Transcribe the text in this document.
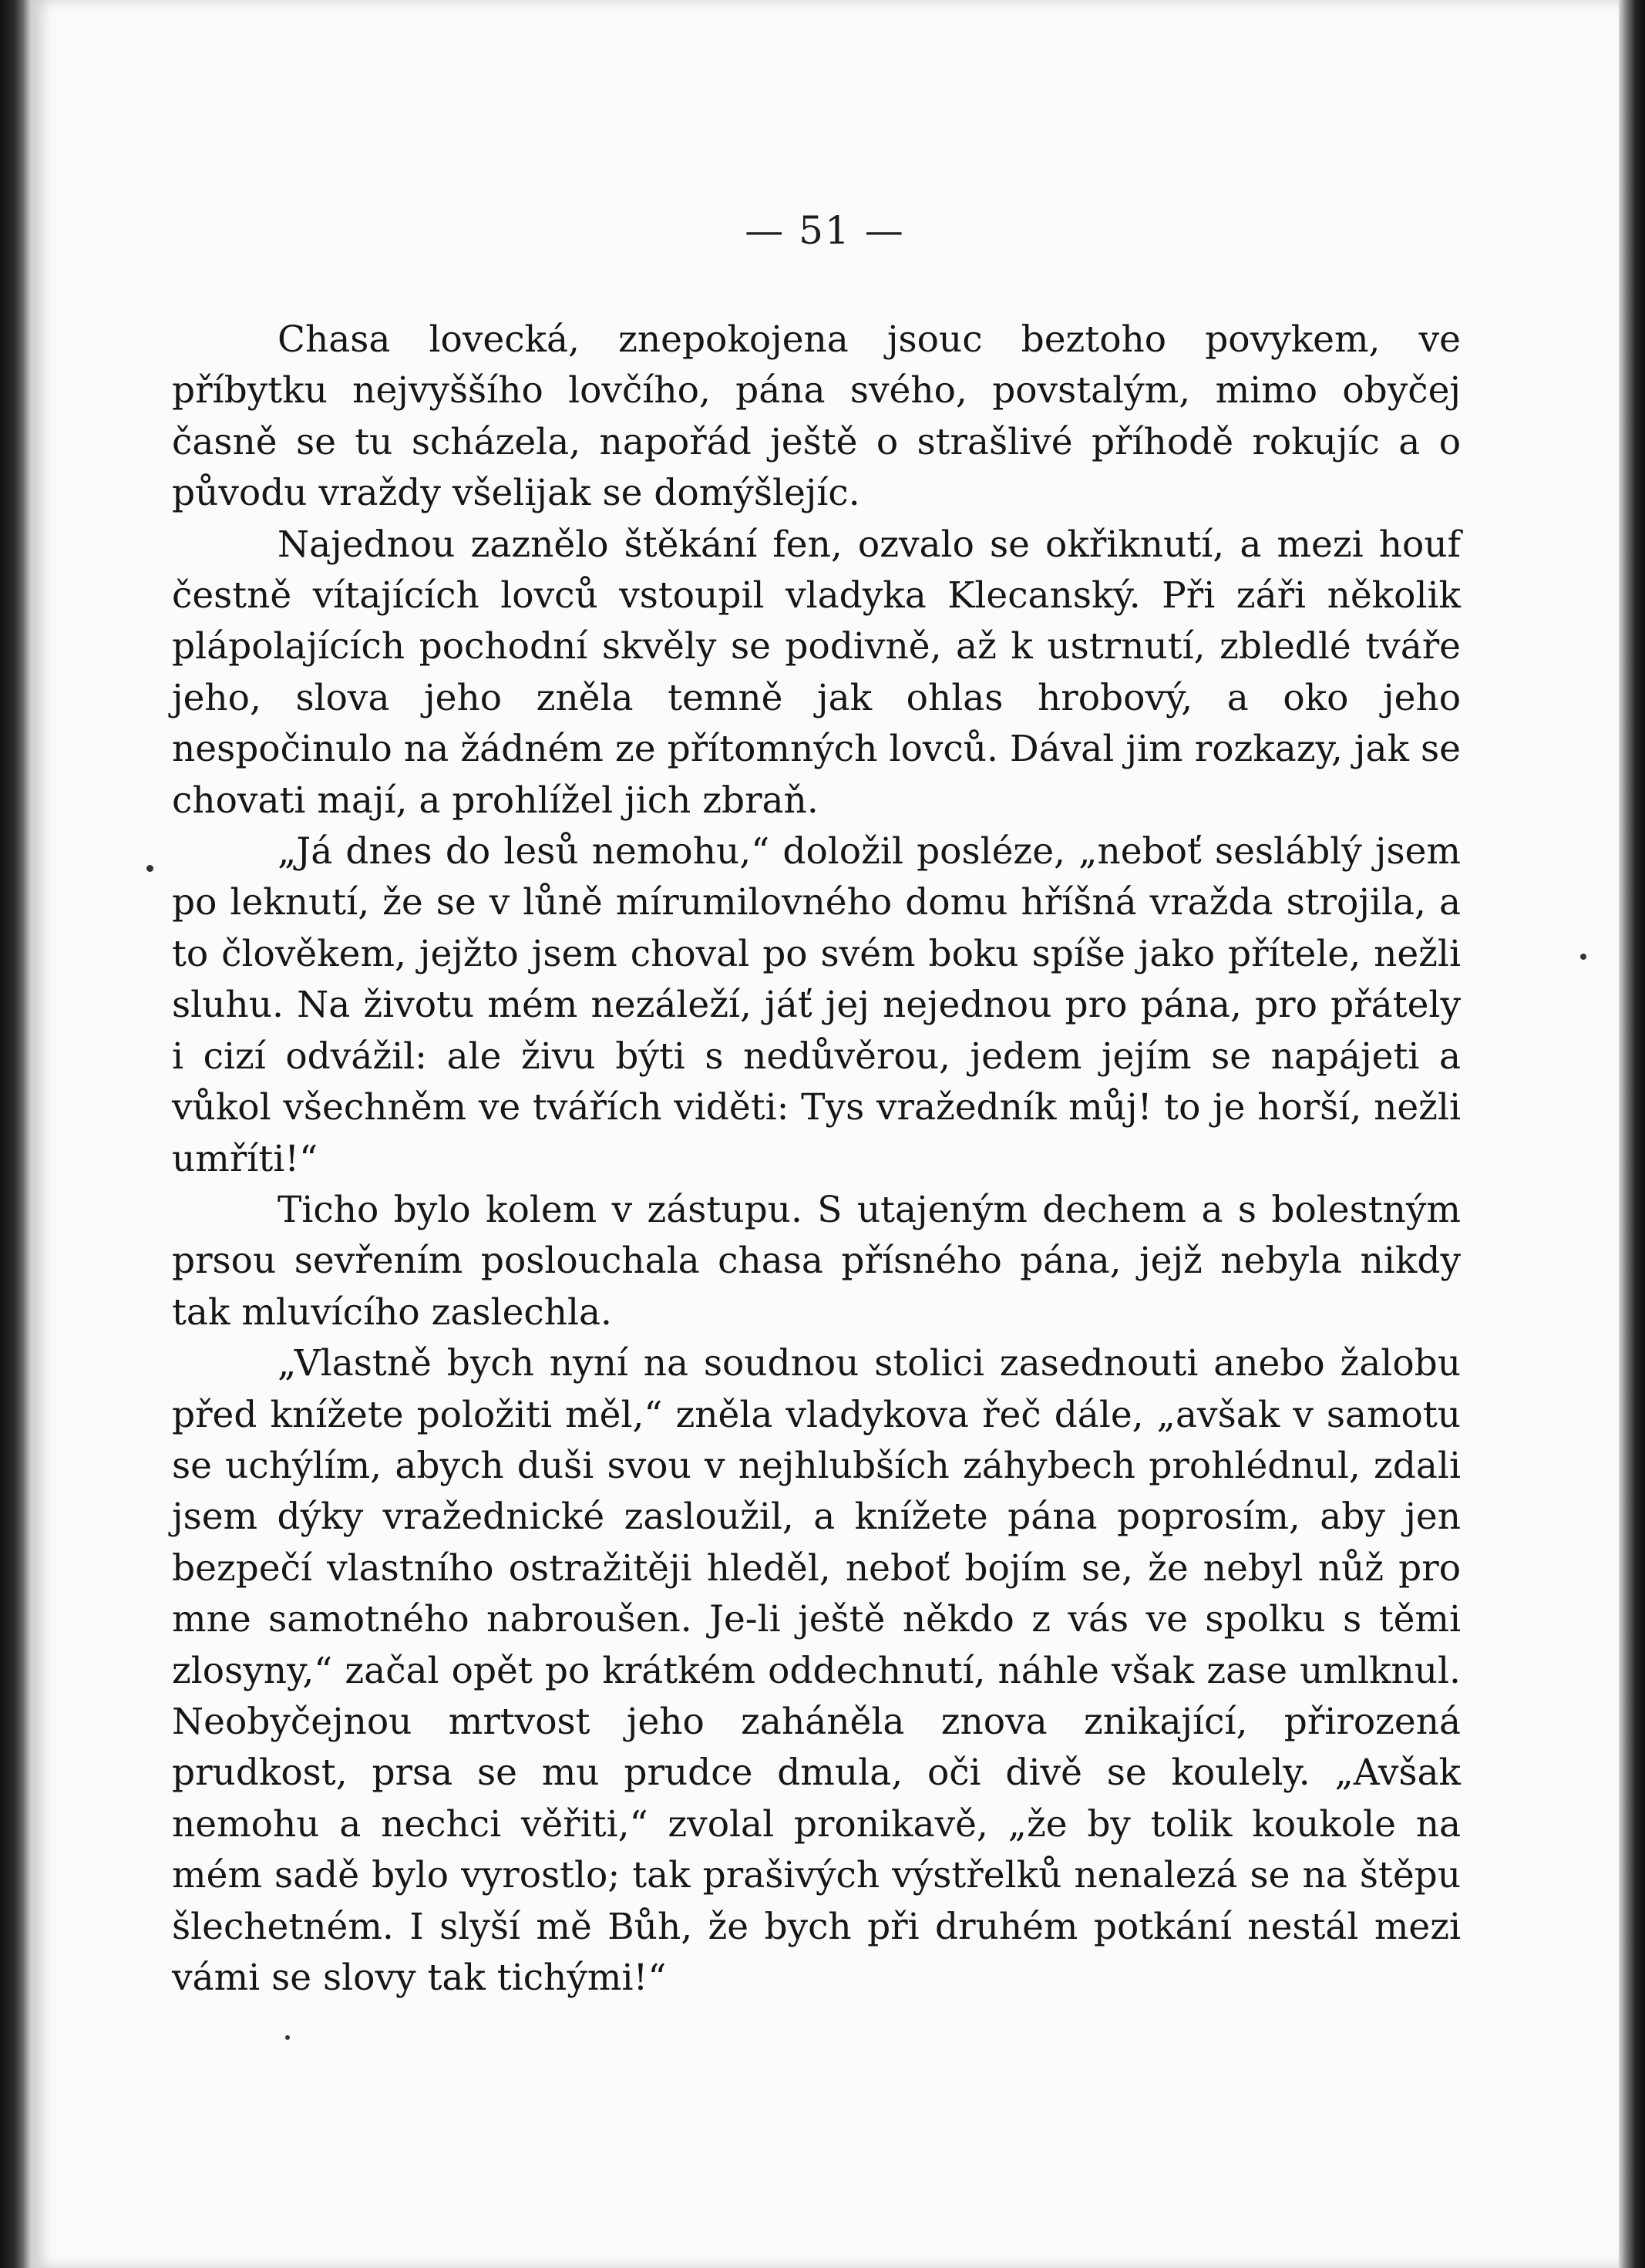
— 51 —

Chasa lovecká, znepokojena jsouc beztoho povykem, ve příbytku nejvyššího lovčího, pána svého, povstalým, mimo obyčej časně se tu scházela, napořád ještě o strašlivé příhodě rokujíc a o původu vraždy všelijak se domýšlejíc.

Najednou zaznělo štěkání fen, ozvalo se okřiknutí, a mezi houf čestně vítajících lovců vstoupil vladyka Klecanský. Při záři několik plápolajících pochodní skvěly se podivně, až k ustrnutí, zbledlé tváře jeho, slova jeho zněla temně jak ohlas hrobový, a oko jeho nespočinulo na žádném ze přítomných lovců. Dával jim rozkazy, jak se chovati mají, a prohlížel jich zbraň.

„Já dnes do lesů nemohu,“ doložil posléze, „neboť sesláblý jsem po leknutí, že se v lůně mírumilovného domu hříšná vražda strojila, a to člověkem, jejžto jsem choval po svém boku spíše jako přítele, nežli sluhu. Na životu mém nezáleží, jáť jej nejednou pro pána, pro přátely i cizí odvážil: ale živu býti s nedůvěrou, jedem jejím se napájeti a vůkol všechněm ve tvářích viděti: Tys vražedník můj! to je horší, nežli umříti!“

Ticho bylo kolem v zástupu. S utajeným dechem a s bolestným prsou sevřením poslouchala chasa přísného pána, jejž nebyla nikdy tak mluvícího zaslechla.

„Vlastně bych nyní na soudnou stolici zasednouti anebo žalobu před knížete položiti měl,“ zněla vladykova řeč dále, „avšak v samotu se uchýlím, abych duši svou v nejhlubších záhybech prohlédnul, zdali jsem dýky vražednické zasloužil, a knížete pána poprosím, aby jen bezpečí vlastního ostražitěji hleděl, neboť bojím se, že nebyl nůž pro mne samotného nabroušen. Je-li ještě někdo z vás ve spolku s těmi zlosyny,“ začal opět po krátkém oddechnutí, náhle však zase umlknul. Neobyčejnou mrtvost jeho zaháněla znova znikající, přirozená prudkost, prsa se mu prudce dmula, oči divě se koulely. „Avšak nemohu a nechci věřiti,“ zvolal pronikavě, „že by tolik koukole na mém sadě bylo vyrostlo; tak prašivých výstřelků nenalezá se na štěpu šlechetném. I slyší mě Bůh, že bych při druhém potkání nestál mezi vámi se slovy tak tichými!“
